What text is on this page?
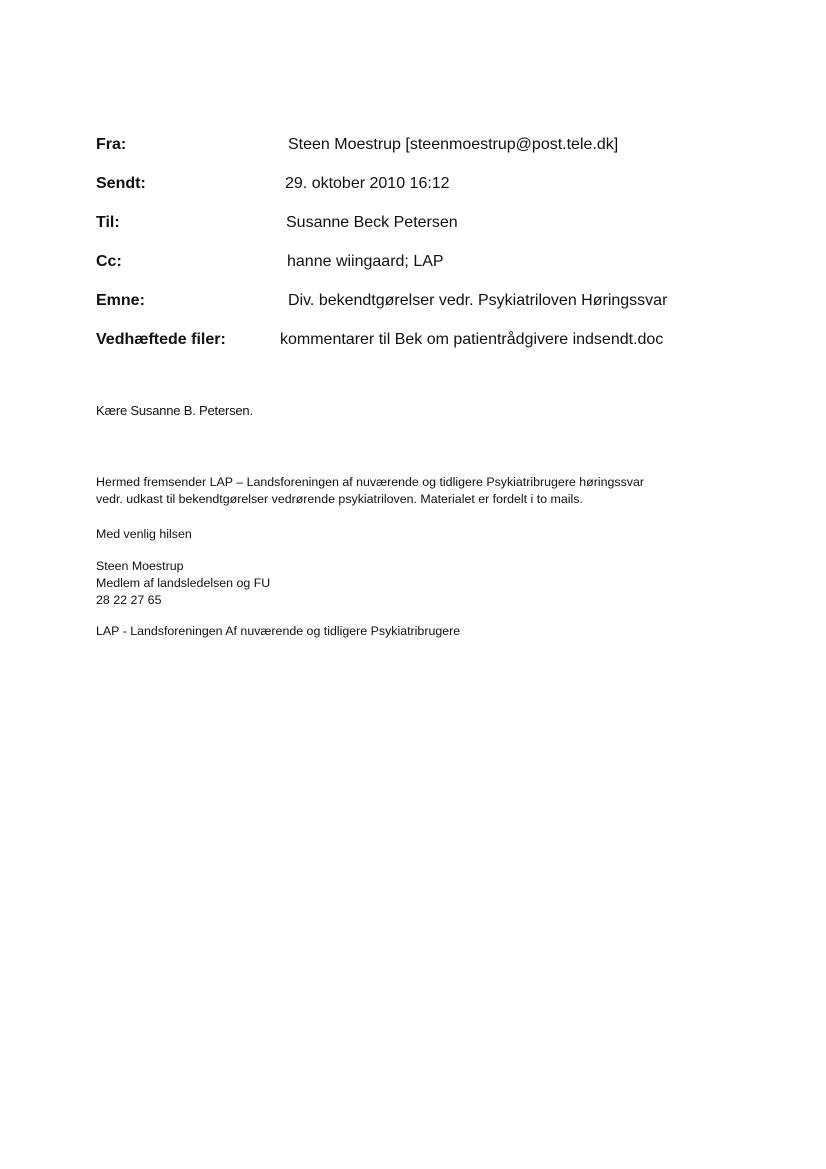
Fra:	Steen Moestrup [steenmoestrup@post.tele.dk]
Sendt:	29. oktober 2010 16:12
Til:	Susanne Beck Petersen
Cc:	hanne wiingaard; LAP
Emne:	Div. bekendtgørelser vedr. Psykiatriloven Høringssvar
Vedhæftede filer:	kommentarer til Bek om patientrådgivere indsendt.doc
Kære Susanne B. Petersen.
Hermed fremsender LAP – Landsforeningen af nuværende og tidligere Psykiatribrugere høringssvar
vedr. udkast til bekendtgørelser vedrørende psykiatriloven. Materialet er fordelt i to mails.
Med venlig hilsen
Steen Moestrup
Medlem af landsledelsen og FU
28 22 27 65
LAP - Landsforeningen Af nuværende og tidligere Psykiatribrugere
